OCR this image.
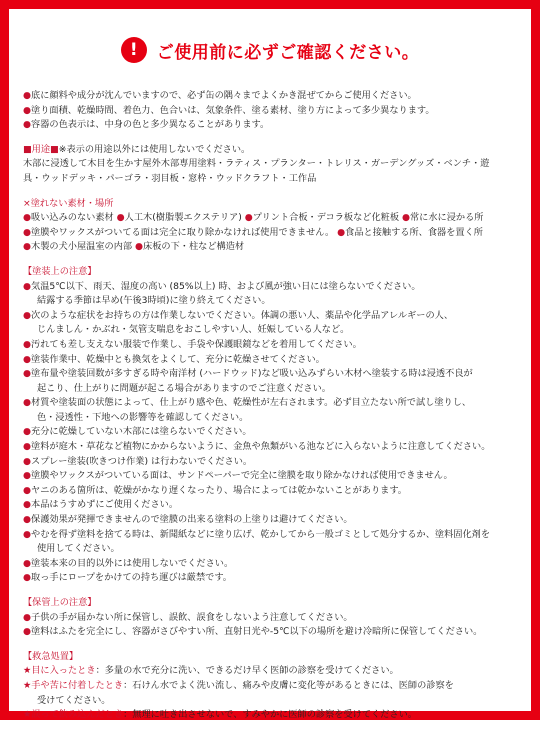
!	ご使用前に必ずご確認ください。
●底に顔料や成分が沈んでいますので、必ず缶の隅々までよくかき混ぜてからご使用ください。
●塗り面積、乾燥時間、着色力、色合いは、気象条件、塗る素材、塗り方によって多少異なります。
●容器の色表示は、中身の色と多少異なることがあります。
■用途■※表示の用途以外には使用しないでください。
木部に浸透して木目を生かす屋外木部専用塗料・ラティス・プランター・トレリス・ガーデングッズ・ベンチ・遊
具・ウッドデッキ・パーゴラ・羽目板・窓枠・ウッドクラフト・工作品
×塗れない素材・場所
●吸い込みのない素材 ●人工木(樹脂製エクステリア) ●プリント合板・デコラ板など化粧板 ●常に水に浸かる所
●塗膜やワックスがついてる面は完全に取り除かなければ使用できません。 ●食品と接触する所、食器を置く所
●木製の犬小屋温室の内部 ●床板の下・柱など構造材
【塗装上の注意】
●気温5℃以下、雨天、湿度の高い (85%以上) 時、および風が強い日には塗らないでください。
結露する季節は早め(午後3時頃)に塗り終えてください。
●次のような症状をお持ちの方は作業しないでください。体調の悪い人、薬品や化学品アレルギーの人、
じんましん・かぶれ・気管支喘息をおこしやすい人、妊娠している人など。
●汚れても差し支えない服装で作業し、手袋や保護眼鏡などを着用してください。
●塗装作業中、乾燥中とも換気をよくして、充分に乾燥させてください。
●塗布量や塗装回数が多すぎる時や南洋材 (ハードウッド)など吸い込みずらい木材へ塗装する時は浸透不良が
起こり、仕上がりに問題が起こる場合がありますのでご注意ください。
●材質や塗装面の状態によって、仕上がり感や色、乾燥性が左右されます。必ず目立たない所で試し塗りし、
色・浸透性・下地への影響等を確認してください。
●充分に乾燥していない木部には塗らないでください。
●塗料が庭木・草花など植物にかからないように、金魚や魚類がいる池などに入らないように注意してください。
●スプレー塗装(吹きつけ作業) は行わないでください。
●塗膜やワックスがついている面は、サンドペーパーで完全に塗膜を取り除かなければ使用できません。
●ヤニのある箇所は、乾燥がかなり遅くなったり、場合によっては乾かないことがあります。
●本品はうすめずにご使用ください。
●保護効果が発揮できませんので塗膜の出来る塗料の上塗りは避けてください。
●やむを得ず塗料を捨てる時は、新聞紙などに塗り広げ、乾かしてから一般ゴミとして処分するか、塗料固化剤を
使用してください。
●塗装本来の目的以外には使用しないでください。
●取っ手にロープをかけての持ち運びは厳禁です。
【保管上の注意】
●子供の手が届かない所に保管し、誤飲、誤食をしないよう注意してください。
●塗料はふたを完全にし、容器がさびやすい所、直射日光や-5℃以下の場所を避け冷暗所に保管してください。
【救急処置】
★目に入ったとき：多量の水で充分に洗い、できるだけ早く医師の診察を受けてください。
★手や苦に付着したとき：石けん水でよく洗い流し、痛みや皮膚に変化等があるときには、医師の診察を
受けてください。
★誤って飲み込んだとき：無理に吐き出させないで、すみやかに医師の診察を受けてください。
